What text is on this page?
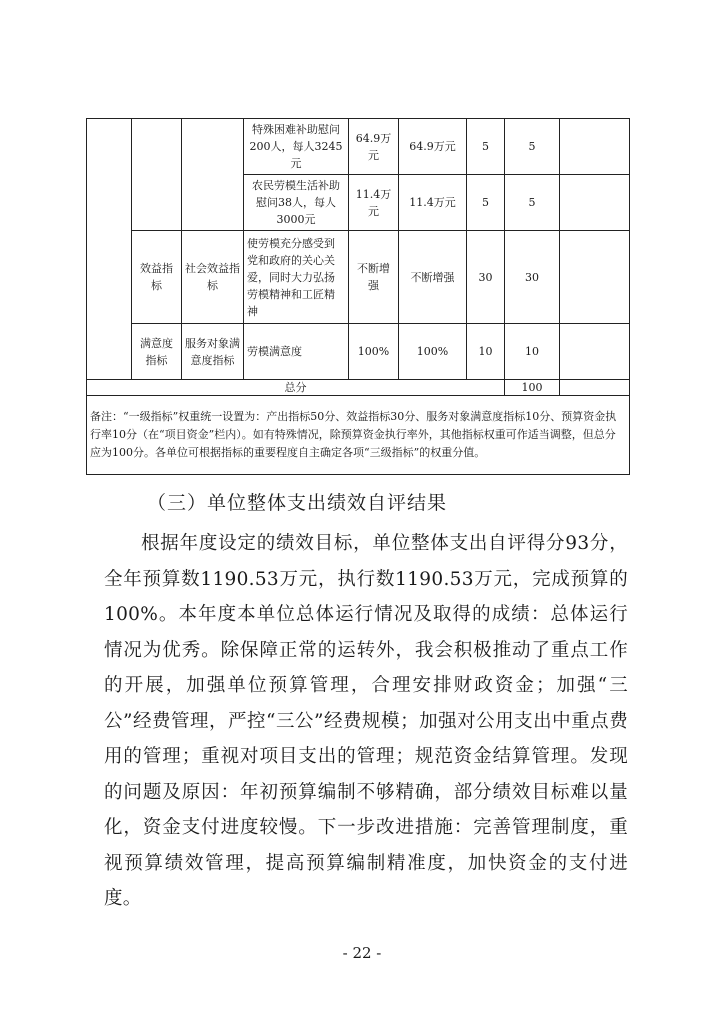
			特殊困难补助慰问200人，每人3245元	64.9万元	64.9万元	5	5	
			农民劳模生活补助慰问38人，每人3000元	11.4万元	11.4万元	5	5	
	效益指标	社会效益指标	使劳模充分感受到党和政府的关心关爱，同时大力弘扬劳模精神和工匠精神	不断增强	不断增强	30	30	
	满意度指标	服务对象满意度指标	劳模满意度	100%	100%	10	10	
总分							100	
备注：“一级指标”权重统一设置为：产出指标50分、效益指标30分、服务对象满意度指标10分、预算资金执行率10分（在“项目资金”栏内）。如有特殊情况，除预算资金执行率外，其他指标权重可作适当调整，但总分应为100分。各单位可根据指标的重要程度自主确定各项“三级指标”的权重分值。								
（三）单位整体支出绩效自评结果
根据年度设定的绩效目标，单位整体支出自评得分93分，全年预算数1190.53万元，执行数1190.53万元，完成预算的100%。本年度本单位总体运行情况及取得的成绩：总体运行情况为优秀。除保障正常的运转外，我会积极推动了重点工作的开展，加强单位预算管理，合理安排财政资金；加强“三公”经费管理，严控“三公”经费规模；加强对公用支出中重点费用的管理；重视对项目支出的管理；规范资金结算管理。发现的问题及原因：年初预算编制不够精确，部分绩效目标难以量化，资金支付进度较慢。下一步改进措施：完善管理制度，重视预算绩效管理，提高预算编制精准度，加快资金的支付进度。
- 22 -
